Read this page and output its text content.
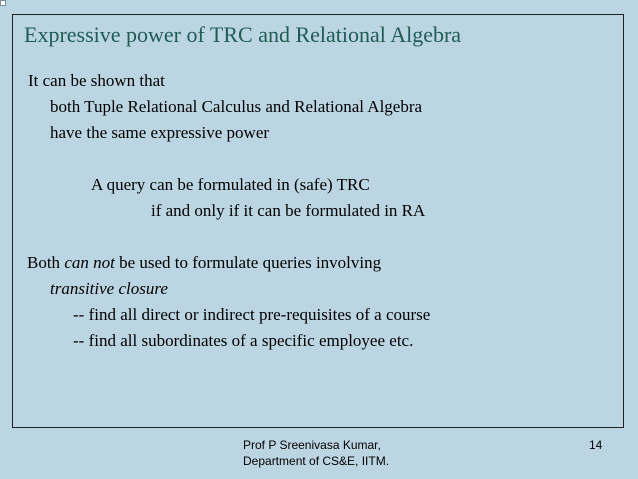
Expressive power of TRC and Relational Algebra

It can be shown that

both Tuple Relational Calculus and Relational Algebra

have the same expressive power

A query can be formulated in (safe) TRC

if and only if it can be formulated in RA

Both can not be used to formulate queries involving

transitive closure

-- find all direct or indirect pre-requisites of a course

-- find all subordinates of a specific employee etc.

Prof P Sreenivasa Kumar,
Department of CS&E, IITM.
14
